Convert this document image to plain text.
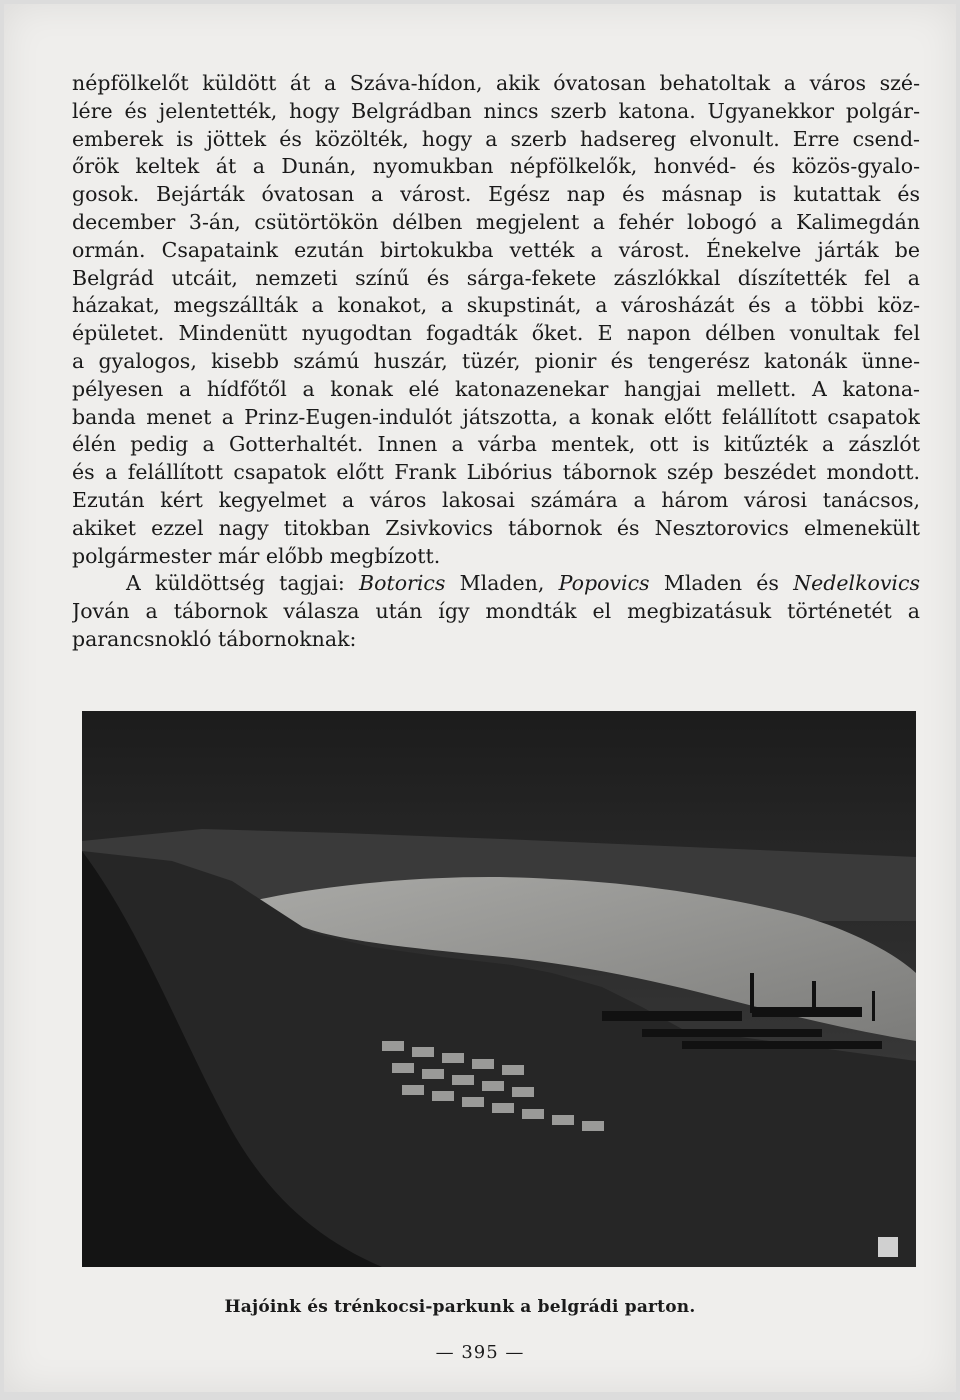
népfölkelőt küldött át a Száva-hídon, akik óvatosan behatoltak a város szé-
lére és jelentették, hogy Belgrádban nincs szerb katona. Ugyanekkor polgár-
emberek is jöttek és közölték, hogy a szerb hadsereg elvonult. Erre csend-
őrök keltek át a Dunán, nyomukban népfölkelők, honvéd- és közös-gyalo-
gosok. Bejárták óvatosan a várost. Egész nap és másnap is kutattak és
december 3-án, csütörtökön délben megjelent a fehér lobogó a Kalimegdán
ormán. Csapataink ezután birtokukba vették a várost. Énekelve járták be
Belgrád utcáit, nemzeti színű és sárga-fekete zászlókkal díszítették fel a
házakat, megszállták a konakot, a skupstinát, a városházát és a többi köz-
épületet. Mindenütt nyugodtan fogadták őket. E napon délben vonultak fel
a gyalogos, kisebb számú huszár, tüzér, pionir és tengerész katonák ünne-
pélyesen a hídfőtől a konak elé katonazenekar hangjai mellett. A katona-
banda menet a Prinz-Eugen-indulót játszotta, a konak előtt felállított csapatok
élén pedig a Gotterhaltét. Innen a várba mentek, ott is kitűzték a zászlót
és a felállított csapatok előtt Frank Libórius tábornok szép beszédet mondott.
Ezután kért kegyelmet a város lakosai számára a három városi tanácsos,
akiket ezzel nagy titokban Zsivkovics tábornok és Nesztorovics elmenekült
polgármester már előbb megbízott.
A küldöttség tagjai: Botorics Mladen, Popovics Mladen és Nedelkovics
Jován a tábornok válasza után így mondták el megbizatásuk történetét a
parancsnokló tábornoknak:
Hajóink és trénkocsi-parkunk a belgrádi parton.
— 395 —
